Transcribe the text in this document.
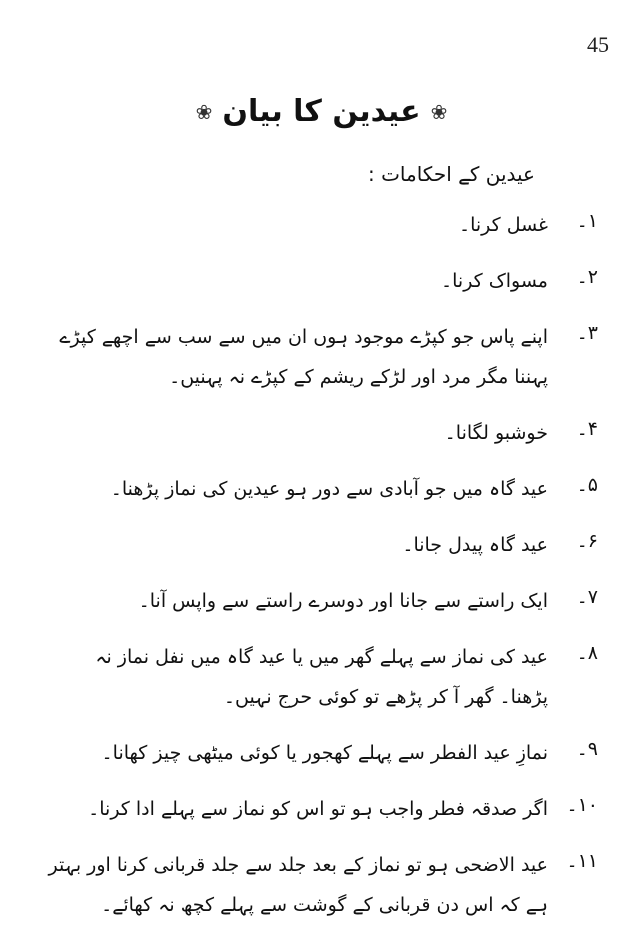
45
❀
عیدین کا بیان
❀
عیدین کے احکامات :
۱۔
غسل کرنا۔
۲۔
مسواک کرنا۔
۳۔
اپنے پاس جو کپڑے موجود ہوں ان میں سے سب سے اچھے کپڑے پہننا مگر مرد اور لڑکے ریشم کے کپڑے نہ پہنیں۔
۴۔
خوشبو لگانا۔
۵۔
عید گاہ میں جو آبادی سے دور ہو عیدین کی نماز پڑھنا۔
۶۔
عید گاہ پیدل جانا۔
۷۔
ایک راستے سے جانا اور دوسرے راستے سے واپس آنا۔
۸۔
عید کی نماز سے پہلے گھر میں یا عید گاہ میں نفل نماز نہ پڑھنا۔ گھر آ کر پڑھے تو کوئی حرج نہیں۔
۹۔
نمازِ عید الفطر سے پہلے کھجور یا کوئی میٹھی چیز کھانا۔
۱۰۔
اگر صدقہ فطر واجب ہو تو اس کو نماز سے پہلے ادا کرنا۔
۱۱۔
عید الاضحی ہو تو نماز کے بعد جلد سے جلد قربانی کرنا اور بہتر ہے کہ اس دن قربانی کے گوشت سے پہلے کچھ نہ کھائے۔
